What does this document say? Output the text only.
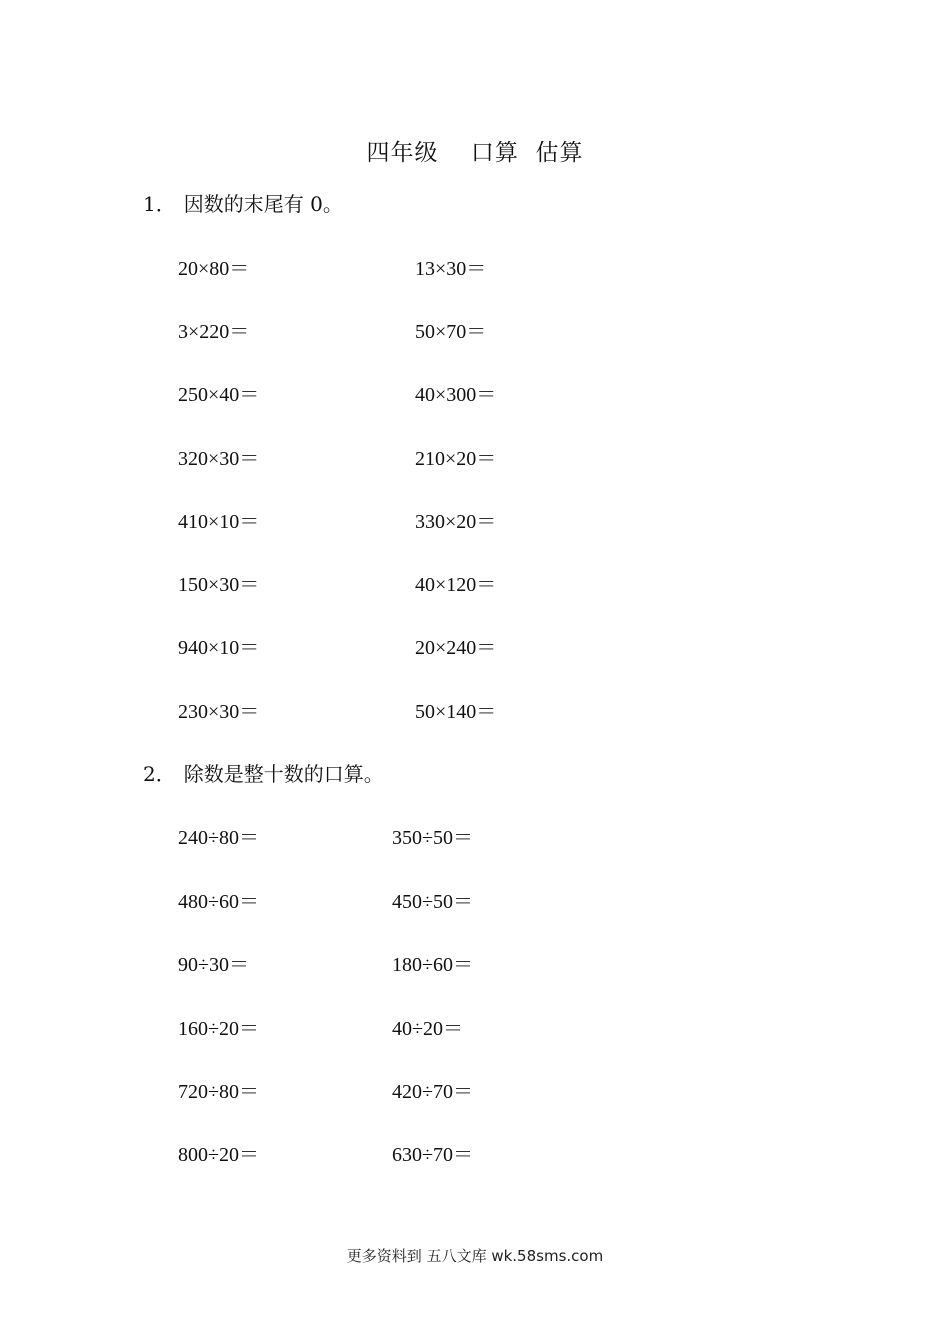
四年级　 口算  估算
1． 因数的末尾有 0。
20×80＝	13×30＝
3×220＝	50×70＝
250×40＝	40×300＝
320×30＝	210×20＝
410×10＝	330×20＝
150×30＝	40×120＝
940×10＝	20×240＝
230×30＝	50×140＝
2． 除数是整十数的口算。
240÷80＝	350÷50＝
480÷60＝	450÷50＝
90÷30＝	180÷60＝
160÷20＝	40÷20＝
720÷80＝	420÷70＝
800÷20＝	630÷70＝
更多资料到 五八文库 wk.58sms.com
